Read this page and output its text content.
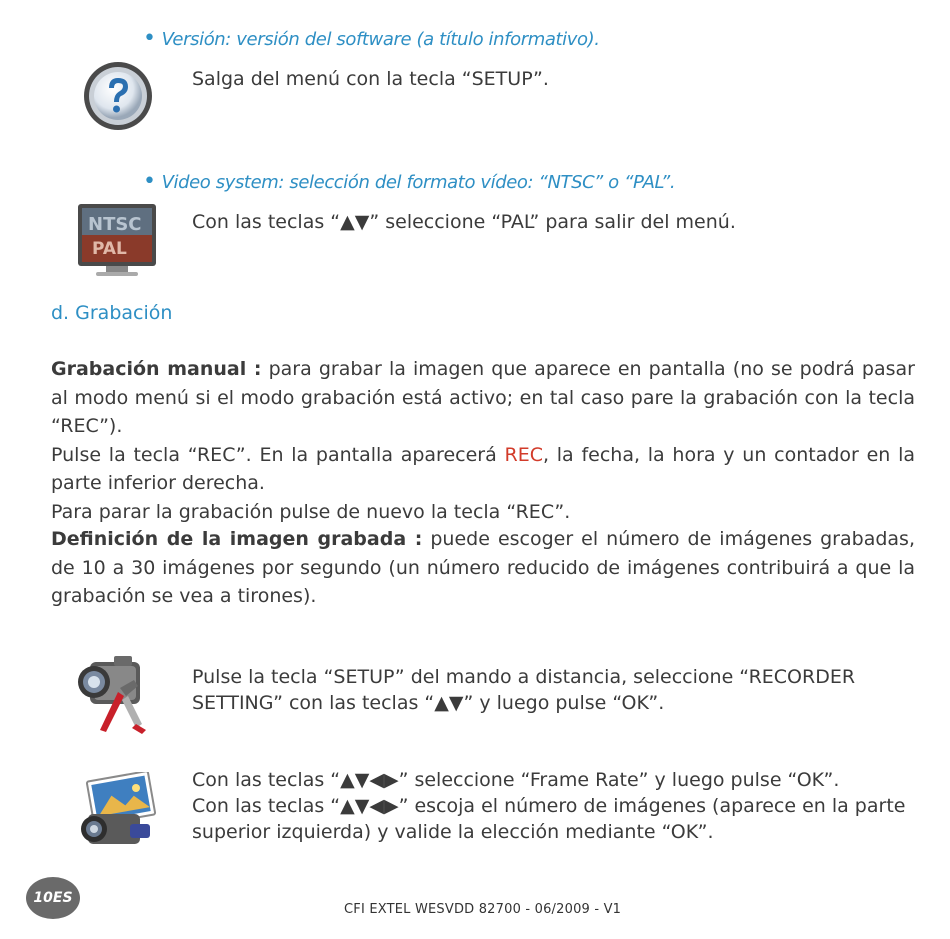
• Versión: versión del software (a título informativo).
Salga del menú con la tecla “SETUP”.
• Video system: selección del formato vídeo: “NTSC” o “PAL”.
NTSC
PAL
Con las teclas “▲▼” seleccione “PAL” para salir del menú.
d. Grabación
Grabación manual : para grabar la imagen que aparece en pantalla (no se podrá pasar al modo menú si el modo grabación está activo; en tal caso pare la grabación con la tecla “REC”).
Pulse la tecla “REC”. En la pantalla aparecerá REC, la fecha, la hora y un contador en la parte inferior derecha.
Para parar la grabación pulse de nuevo la tecla “REC”.
Definición de la imagen grabada : puede escoger el número de imágenes grabadas, de 10 a 30 imágenes por segundo (un número reducido de imágenes contribuirá a que la grabación se vea a tirones).
Pulse la tecla “SETUP” del mando a distancia, seleccione “RECORDER SETTING” con las teclas “▲▼” y luego pulse “OK”.
Con las teclas “▲▼◀▶” seleccione “Frame Rate” y luego pulse “OK”.
Con las teclas “▲▼◀▶” escoja el número de imágenes (aparece en la parte superior izquierda) y valide la elección mediante “OK”.
10ES
CFI EXTEL WESVDD 82700 - 06/2009 - V1
